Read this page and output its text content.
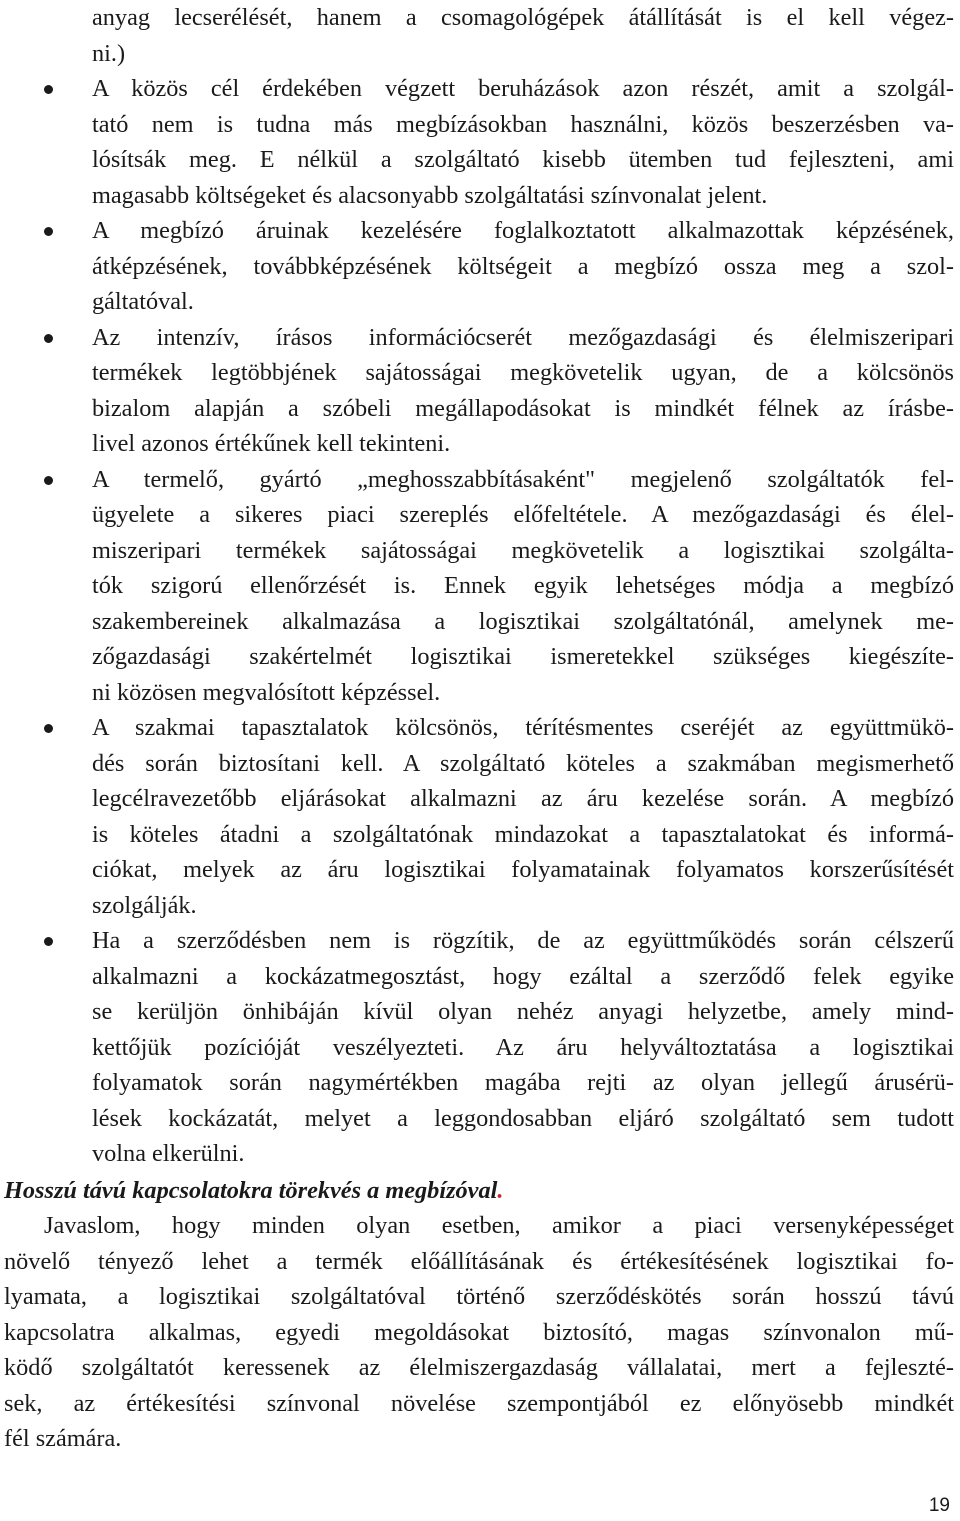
anyag lecserélését, hanem a csomagológépek átállítását is el kell végez-
ni.)
A közös cél érdekében végzett beruházások azon részét, amit a szolgál-
tató nem is tudna más megbízásokban használni, közös beszerzésben va-
lósítsák meg. E nélkül a szolgáltató kisebb ütemben tud fejleszteni, ami
magasabb költségeket és alacsonyabb szolgáltatási színvonalat jelent.
A megbízó áruinak kezelésére foglalkoztatott alkalmazottak képzésének,
átképzésének, továbbképzésének költségeit a megbízó ossza meg a szol-
gáltatóval.
Az intenzív, írásos információcserét mezőgazdasági és élelmiszeripari
termékek legtöbbjének sajátosságai megkövetelik ugyan, de a kölcsönös
bizalom alapján a szóbeli megállapodásokat is mindkét félnek az írásbe-
livel azonos értékűnek kell tekinteni.
A termelő, gyártó „meghosszabbításaként" megjelenő szolgáltatók fel-
ügyelete a sikeres piaci szereplés előfeltétele. A mezőgazdasági és élel-
miszeripari termékek sajátosságai megkövetelik a logisztikai szolgálta-
tók szigorú ellenőrzését is. Ennek egyik lehetséges módja a megbízó
szakembereinek alkalmazása a logisztikai szolgáltatónál, amelynek me-
zőgazdasági szakértelmét logisztikai ismeretekkel szükséges kiegészíte-
ni közösen megvalósított képzéssel.
A szakmai tapasztalatok kölcsönös, térítésmentes cseréjét az együttmükö-
dés során biztosítani kell. A szolgáltató köteles a szakmában megismerhető
legcélravezetőbb eljárásokat alkalmazni az áru kezelése során. A megbízó
is köteles átadni a szolgáltatónak mindazokat a tapasztalatokat és informá-
ciókat, melyek az áru logisztikai folyamatainak folyamatos korszerűsítését
szolgálják.
Ha a szerződésben nem is rögzítik, de az együttműködés során célszerű
alkalmazni a kockázatmegosztást, hogy ezáltal a szerződő felek egyike
se kerüljön önhibáján kívül olyan nehéz anyagi helyzetbe, amely mind-
kettőjük pozícióját veszélyezteti. Az áru helyváltoztatása a logisztikai
folyamatok során nagymértékben magába rejti az olyan jellegű árusérü-
lések kockázatát, melyet a leggondosabban eljáró szolgáltató sem tudott
volna elkerülni.
Hosszú távú kapcsolatokra törekvés a megbízóval.
Javaslom, hogy minden olyan esetben, amikor a piaci versenyképességet
növelő tényező lehet a termék előállításának és értékesítésének logisztikai fo-
lyamata, a logisztikai szolgáltatóval történő szerződéskötés során hosszú távú
kapcsolatra alkalmas, egyedi megoldásokat biztosító, magas színvonalon mű-
ködő szolgáltatót keressenek az élelmiszergazdaság vállalatai, mert a fejleszté-
sek, az értékesítési színvonal növelése szempontjából ez előnyösebb mindkét
fél számára.
19
